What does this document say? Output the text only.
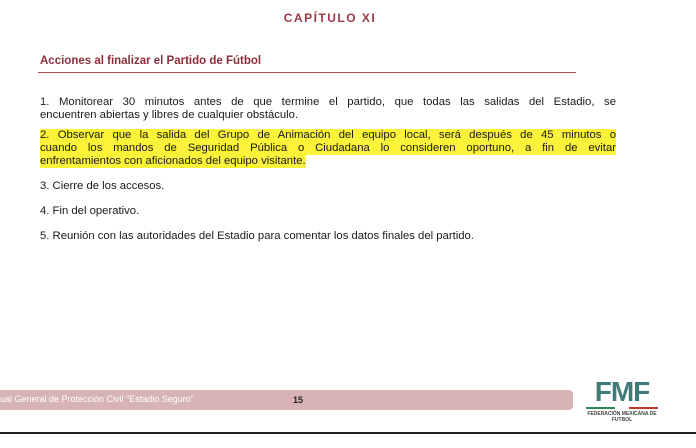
CAPÍTULO XI
Acciones al finalizar el Partido de Fútbol
1. Monitorear 30 minutos antes de que termine el partido, que todas las salidas del Estadio, se
encuentren abiertas y libres de cualquier obstáculo.
2. Observar que la salida del Grupo de Animación del equipo local, será después de 45 minutos o
cuando los mandos de Seguridad Pública o Ciudadana lo consideren oportuno, a fin de evitar
enfrentamientos con aficionados del equipo visitante.
3. Cierre de los accesos.
4. Fin del operativo.
5. Reunión con las autoridades del Estadio para comentar los datos finales del partido.
ual General de Protección Civil "Estadio Seguro"	15	FMF
FEDERACIÓN MEXICANA DE FUTBOL
